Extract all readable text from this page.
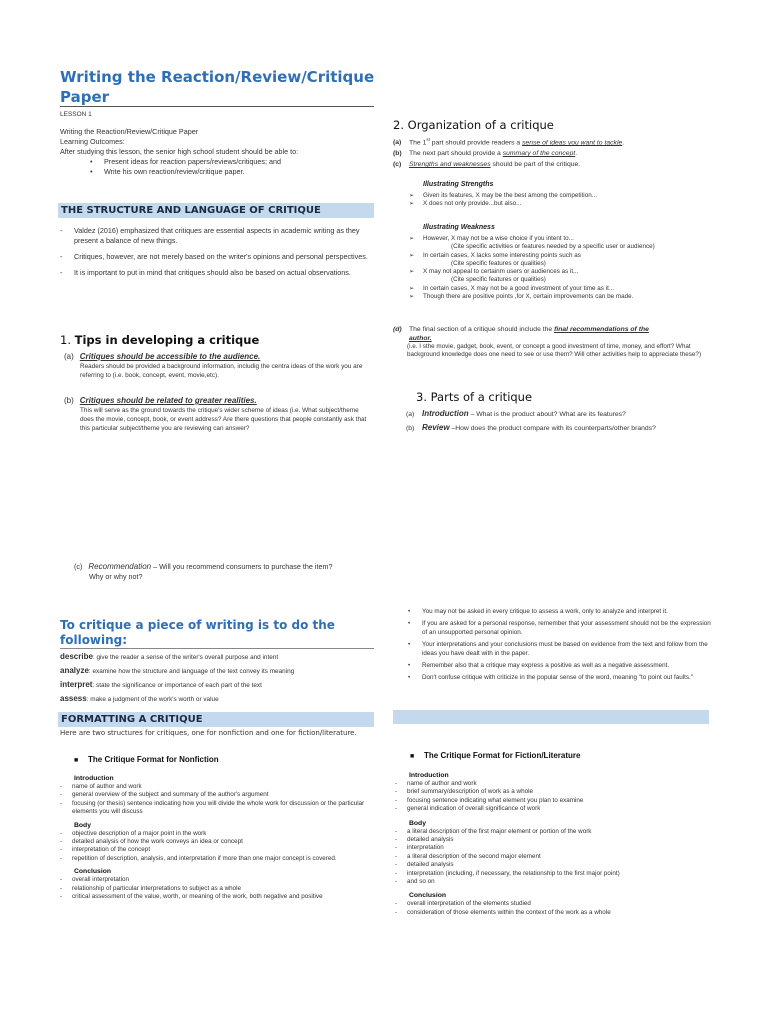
Writing the Reaction/Review/Critique
Paper
LESSON 1
Writing the Reaction/Review/Critique Paper
Learning Outcomes:
After studying this lesson, the senior high school student should be able to:
• Present ideas for reaction papers/reviews/critiques; and
• Write his own reaction/review/critique paper.
THE STRUCTURE AND LANGUAGE OF CRITIQUE
- Valdez (2016) emphasized that critiques are essential aspects in academic writing as they present a balance of new things.
- Critiques, however, are not merely based on the writer's opinions and personal perspectives.
- It is important to put in mind that critiques should also be based on actual observations.
1. Tips in developing a critique
(a) Critiques should be accessible to the audience.
Readers should be provided a background information, includig the centra ideas of the work you are referring to (i.e. book, concept, event, movie,etc).
(b) Critiques should be related to greater realities.
This will serve as the ground towards the critique's wider scheme of ideas (i.e. What subject/theme does the movie, concept, book, or event address? Are there questions that people constantly ask that this particular subject/theme you are reviewing can answer?
(c) Recommendation – Will you recommend consumers to purchase the item?
Why or why not?
2. Organization of a critique
(a) The 1st part should provide readers a sense of ideas you want to tackle.
(b) The next part should provide a summary of the concept.
(c) Strengths and weaknesses should be part of the critique.
Illustrating Strengths
➢ Given its features, X may be the best among the competition...
➢ X does not only provide...but also...
Illustrating Weakness
➢ However, X may not be a wise choice if you intent to...
(Cite specific activities or features needed by a specific user or audience)
➢ In certain cases, X lacks some interesting points such as
(Cite specific features or qualities)
➢ X may not appeal to certainm users or audiences as it...
(Cite specific features or qualities)
➢ In certain cases, X may not be a good investment of your time as it...
➢ Though there are positive points ,for X, certain improvements can be made.
(d) The final section of a critique should include the final recommendations of the
author.
(i.e. I sthe movie, gadget, book, event, or concept a good investment of time, money, and effort? What background knowledge does one need to see or use them? Will other activities help to appreciate these?)
3. Parts of a critique
(a) Introduction – What is the product about? What are its features?
(b) Review –How does the product compare with its counterparts/other brands?
To critique a piece of writing is to do the
following:
describe: give the reader a sense of the writer's overall purpose and intent
analyze: examine how the structure and language of the text convey its meaning
interpret: state the significance or importance of each part of the text
assess: make a judgment of the work's worth or value
• You may not be asked in every critique to assess a work, only to analyze and interpret it.
• If you are asked for a personal response, remember that your assessment should not be the expression of an unsupported personal opinion.
• Your interpretations and your conclusions must be based on evidence from the text and follow from the ideas you have dealt with in the paper.
• Remember also that a critique may express a positive as well as a negative assessment.
• Don't confuse critique with criticize in the popular sense of the word, meaning "to point out faults."
FORMATTING A CRITIQUE
Here are two structures for critiques, one for nonfiction and one for fiction/literature.
■ The Critique Format for Nonfiction
Introduction
- name of author and work
- general overview of the subject and summary of the author's argument
- focusing (or thesis) sentence indicating how you will divide the whole work for discussion or the particular elements you will discuss
Body
- objective description of a major point in the work
- detailed analysis of how the work conveys an idea or concept
- interpretation of the concept
- repetition of description, analysis, and interpretation if more than one major concept is covered.
Conclusion
- overall interpretation
- relationship of particular interpretations to subject as a whole
- critical assessment of the value, worth, or meaning of the work, both negative and positive
■ The Critique Format for Fiction/Literature
Introduction
- name of author and work
- brief summary/description of work as a whole
- focusing sentence indicating what element you plan to examine
- general indication of overall significance of work
Body
- a literal description of the first major element or portion of the work
- detailed analysis
- interpretation
- a literal description of the second major element
- detailed analysis
- interpretation (including, if necessary, the relationship to the first major point)
- and so on
Conclusion
- overall interpretation of the elements studied
- consideration of those elements within the context of the work as a whole
